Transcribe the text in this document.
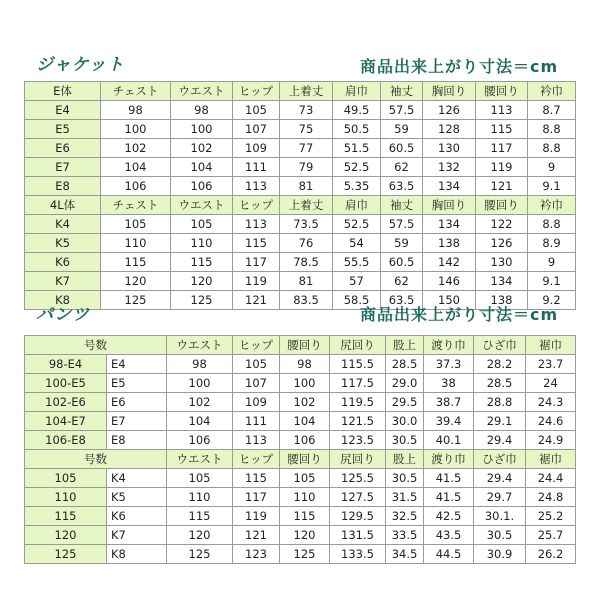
ジャケット	商品出来上がり寸法＝cm
E体	チェスト	ウエスト	ヒップ	上着丈	肩巾	袖丈	胸回り	腰回り	衿巾
E4	98	98	105	73	49.5	57.5	126	113	8.7
E5	100	100	107	75	50.5	59	128	115	8.8
E6	102	102	109	77	51.5	60.5	130	117	8.8
E7	104	104	111	79	52.5	62	132	119	9
E8	106	106	113	81	5.35	63.5	134	121	9.1
4L体	チェスト	ウエスト	ヒップ	上着丈	肩巾	袖丈	胸回り	腰回り	衿巾
K4	105	105	113	73.5	52.5	57.5	134	122	8.8
K5	110	110	115	76	54	59	138	126	8.9
K6	115	115	117	78.5	55.5	60.5	142	130	9
K7	120	120	119	81	57	62	146	134	9.1
K8	125	125	121	83.5	58.5	63.5	150	138	9.2
パンツ	商品出来上がり寸法＝cm
号数		ウエスト	ヒップ	腰回り	尻回り	股上	渡り巾	ひざ巾	裾巾
98-E4	E4	98	105	98	115.5	28.5	37.3	28.2	23.7
100-E5	E5	100	107	100	117.5	29.0	38	28.5	24
102-E6	E6	102	109	102	119.5	29.5	38.7	28.8	24.3
104-E7	E7	104	111	104	121.5	30.0	39.4	29.1	24.6
106-E8	E8	106	113	106	123.5	30.5	40.1	29.4	24.9
号数		ウエスト	ヒップ	腰回り	尻回り	股上	渡り巾	ひざ巾	裾巾
105	K4	105	115	105	125.5	30.5	41.5	29.4	24.4
110	K5	110	117	110	127.5	31.5	41.5	29.7	24.8
115	K6	115	119	115	129.5	32.5	42.5	30.1.	25.2
120	K7	120	121	120	131.5	33.5	43.5	30.5	25.7
125	K8	125	123	125	133.5	34.5	44.5	30.9	26.2
